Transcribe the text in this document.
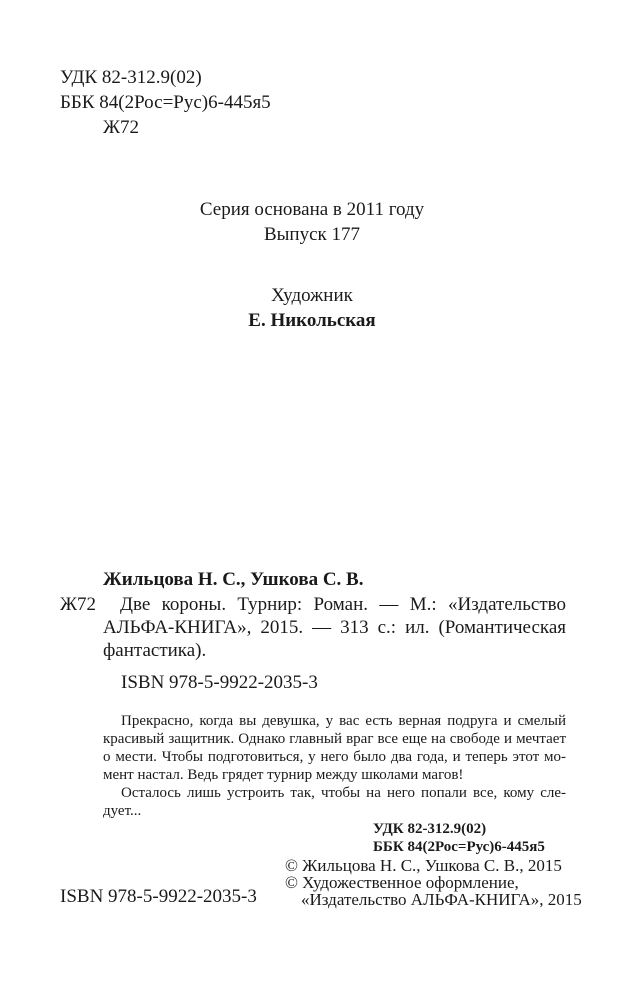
УДК 82-312.9(02)
ББК 84(2Рос=Рус)6-445я5
Ж72
Серия основана в 2011 году
Выпуск 177
Художник
Е. Никольская
Жильцова Н. С., Ушкова С. В.
Ж72 Две короны. Турнир: Роман. — М.: «Издательство
АЛЬФА-КНИГА», 2015. — 313 с.: ил. (Романтическая
фантастика).
ISBN 978-5-9922-2035-3
Прекрасно, когда вы девушка, у вас есть верная подруга и смелый
красивый защитник. Однако главный враг все еще на свободе и мечтает
о мести. Чтобы подготовиться, у него было два года, и теперь этот мо-
мент настал. Ведь грядет турнир между школами магов!
Осталось лишь устроить так, чтобы на него попали все, кому сле-
дует...
УДК 82-312.9(02)
ББК 84(2Рос=Рус)6-445я5
© Жильцова Н. С., Ушкова С. В., 2015
© Художественное оформление,
«Издательство АЛЬФА-КНИГА», 2015
ISBN 978-5-9922-2035-3
